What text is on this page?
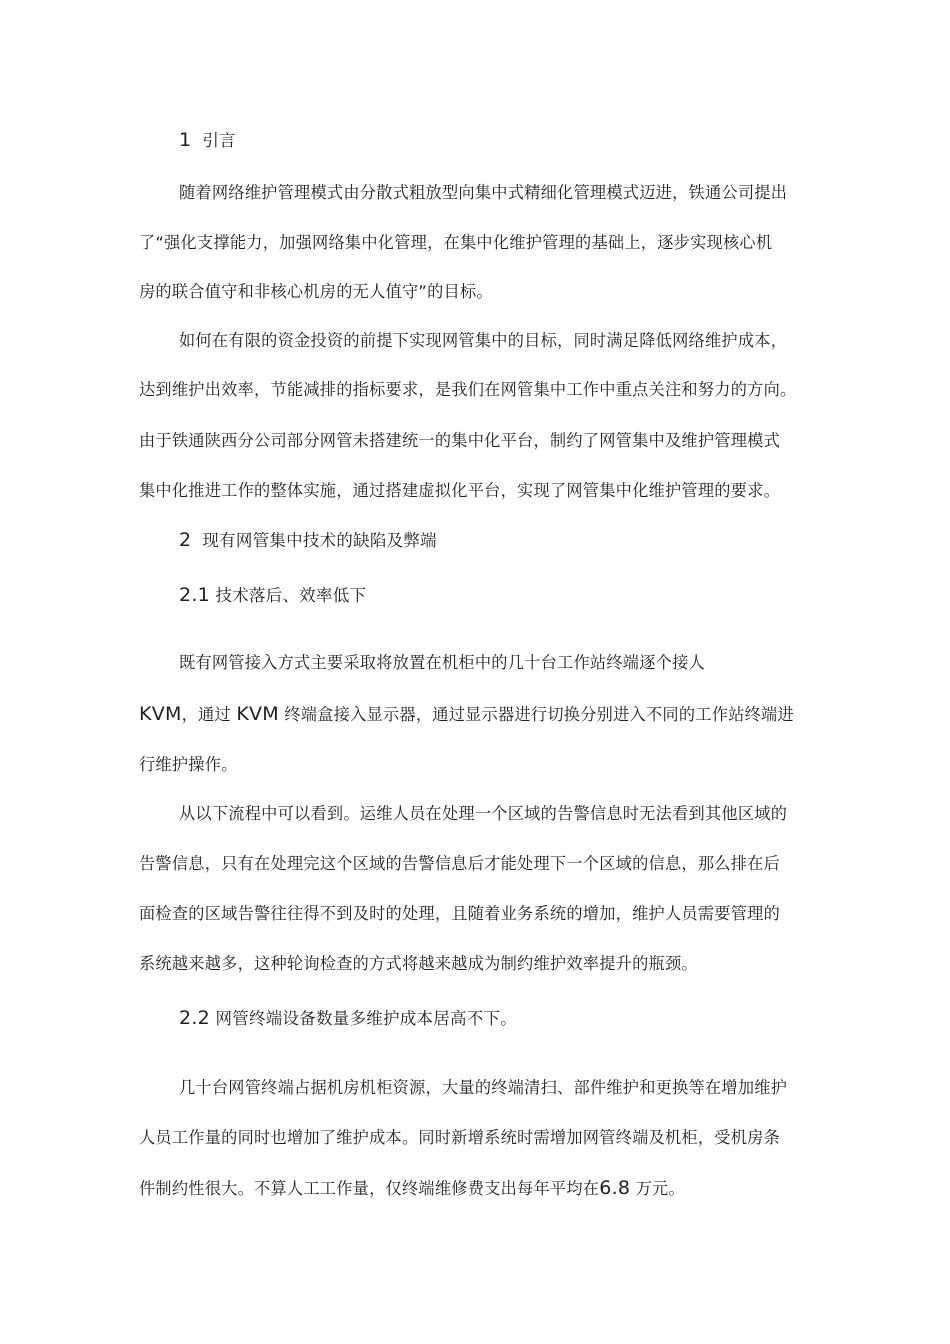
1 引言
随着网络维护管理模式由分散式粗放型向集中式精细化管理模式迈进，铁通公司提出
了“强化支撑能力，加强网络集中化管理，在集中化维护管理的基础上，逐步实现核心机
房的联合值守和非核心机房的无人值守”的目标。
如何在有限的资金投资的前提下实现网管集中的目标，同时满足降低网络维护成本，
达到维护出效率，节能减排的指标要求，是我们在网管集中工作中重点关注和努力的方向。
由于铁通陕西分公司部分网管未搭建统一的集中化平台，制约了网管集中及维护管理模式
集中化推进工作的整体实施，通过搭建虚拟化平台，实现了网管集中化维护管理的要求。
2 现有网管集中技术的缺陷及弊端
2.1 技术落后、效率低下
既有网管接入方式主要采取将放置在机柜中的几十台工作站终端逐个接人
KVM，通过 KVM 终端盒接入显示器，通过显示器进行切换分别进入不同的工作站终端进
行维护操作。
从以下流程中可以看到。运维人员在处理一个区域的告警信息时无法看到其他区域的
告警信息，只有在处理完这个区域的告警信息后才能处理下一个区域的信息，那么排在后
面检查的区域告警往往得不到及时的处理，且随着业务系统的增加，维护人员需要管理的
系统越来越多，这种轮询检查的方式将越来越成为制约维护效率提升的瓶颈。
2.2 网管终端设备数量多维护成本居高不下。
几十台网管终端占据机房机柜资源，大量的终端清扫、部件维护和更换等在增加维护
人员工作量的同时也增加了维护成本。同时新增系统时需增加网管终端及机柜，受机房条
件制约性很大。不算人工工作量，仅终端维修费支出每年平均在6.8 万元。
